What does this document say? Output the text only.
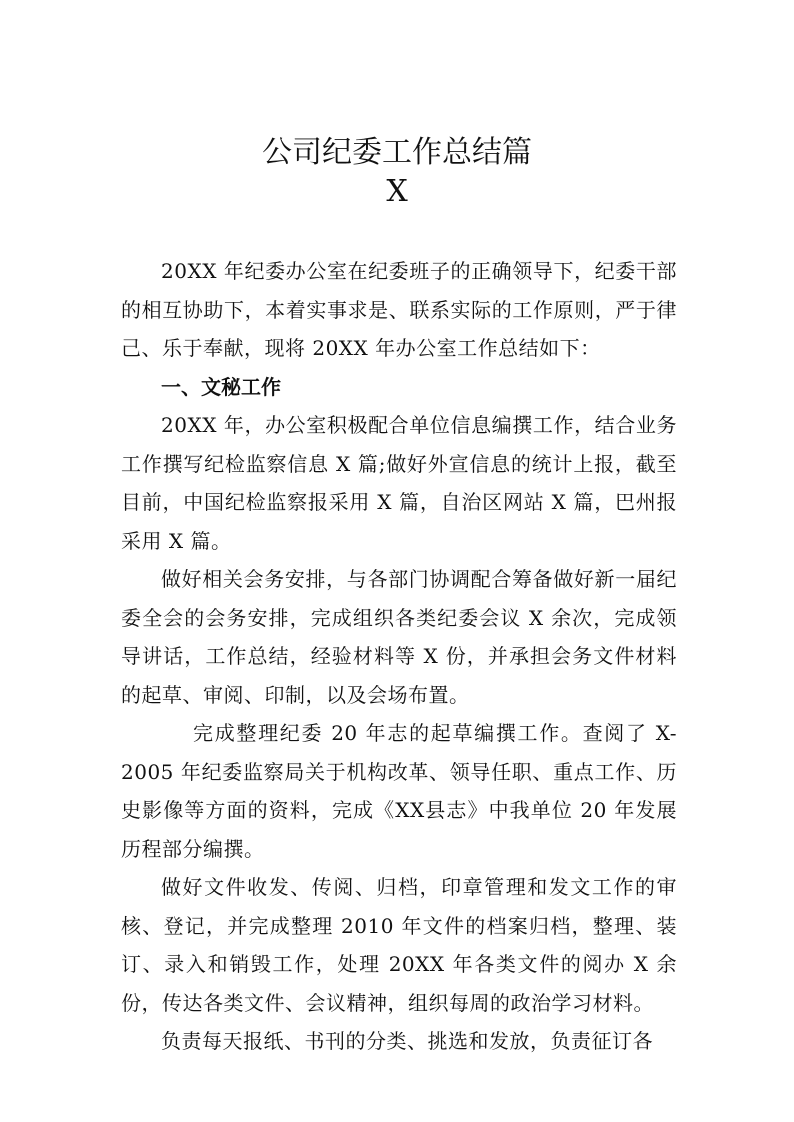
公司纪委工作总结篇
X

20XX 年纪委办公室在纪委班子的正确领导下，纪委干部的相互协助下，本着实事求是、联系实际的工作原则，严于律己、乐于奉献，现将 20XX 年办公室工作总结如下：

一、文秘工作

20XX 年，办公室积极配合单位信息编撰工作，结合业务工作撰写纪检监察信息 X 篇;做好外宣信息的统计上报，截至目前，中国纪检监察报采用 X 篇，自治区网站 X 篇，巴州报采用 X 篇。

做好相关会务安排，与各部门协调配合筹备做好新一届纪委全会的会务安排，完成组织各类纪委会议 X 余次，完成领导讲话，工作总结，经验材料等 X 份，并承担会务文件材料的起草、审阅、印制，以及会场布置。

完成整理纪委 20 年志的起草编撰工作。查阅了 X-2005 年纪委监察局关于机构改革、领导任职、重点工作、历史影像等方面的资料，完成《XX县志》中我单位 20 年发展历程部分编撰。

做好文件收发、传阅、归档，印章管理和发文工作的审核、登记，并完成整理 2010 年文件的档案归档，整理、装订、录入和销毁工作，处理 20XX 年各类文件的阅办 X 余份，传达各类文件、会议精神，组织每周的政治学习材料。

负责每天报纸、书刊的分类、挑选和发放，负责征订各
